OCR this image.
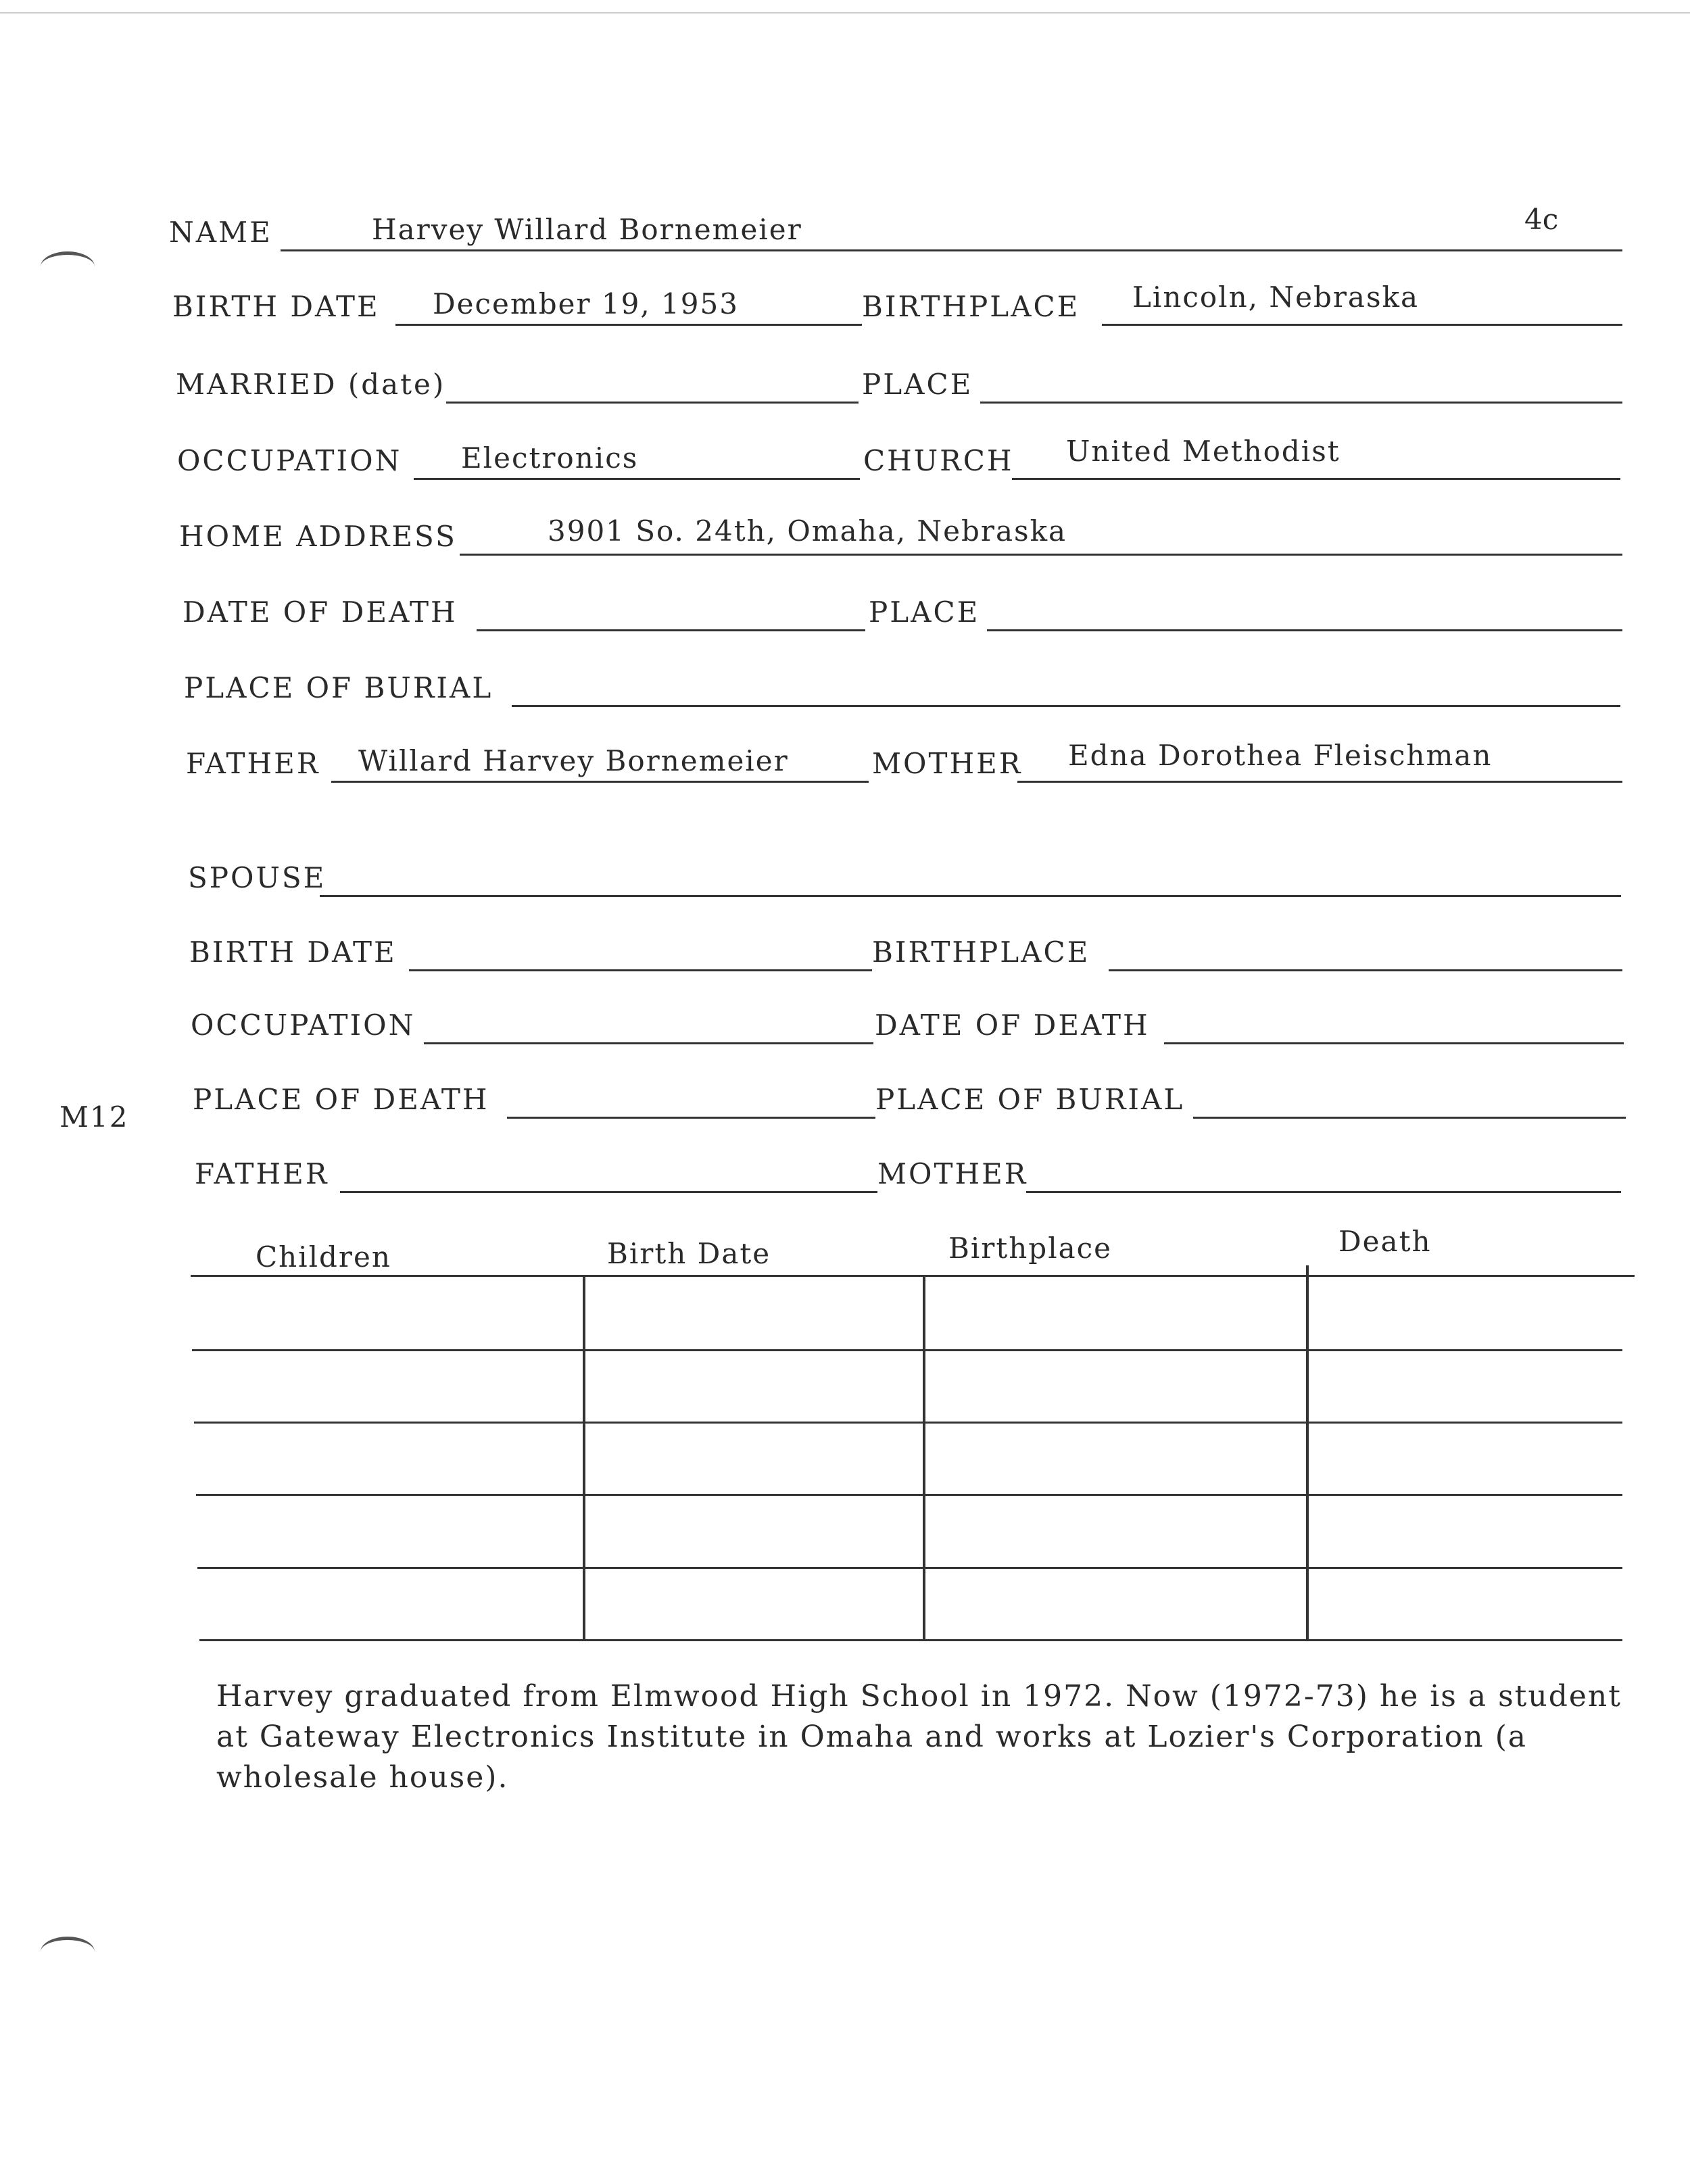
4c
M12
NAME	Harvey Willard Bornemeier
BIRTH DATE December 19, 1953	BIRTHPLACE Lincoln, Nebraska
MARRIED (date)	PLACE
OCCUPATION Electronics	CHURCH United Methodist
HOME ADDRESS	3901 So. 24th, Omaha, Nebraska
DATE OF DEATH	PLACE
PLACE OF BURIAL
FATHER Willard Harvey Bornemeier	MOTHER Edna Dorothea Fleischman
SPOUSE
BIRTH DATE	BIRTHPLACE
OCCUPATION	DATE OF DEATH
PLACE OF DEATH	PLACE OF BURIAL
FATHER	MOTHER
Children	Birth Date	Birthplace	Death
Harvey graduated from Elmwood High School in 1972. Now (1972-73) he is a student at Gateway Electronics Institute in Omaha and works at Lozier's Corporation (a wholesale house).
